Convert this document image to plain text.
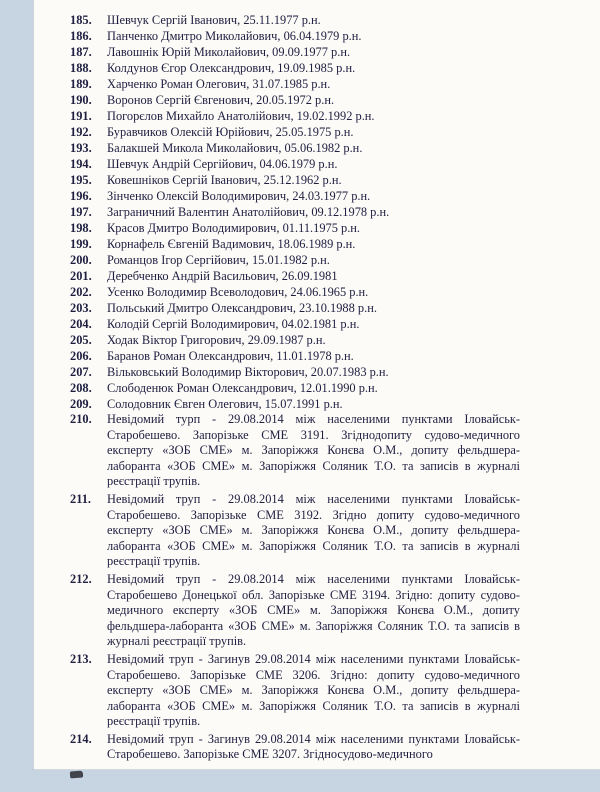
185. Шевчук Сергій Іванович, 25.11.1977 р.н.
186. Панченко Дмитро Миколайович, 06.04.1979 р.н.
187. Лавошнік Юрій Миколайович, 09.09.1977 р.н.
188. Колдунов Єгор Олександрович, 19.09.1985 р.н.
189. Харченко Роман Олегович, 31.07.1985 р.н.
190. Воронов Сергій Євгенович, 20.05.1972 р.н.
191. Погорєлов Михайло Анатолійович, 19.02.1992 р.н.
192. Буравчиков Олексій Юрійович, 25.05.1975 р.н.
193. Балакшей Микола Миколайович, 05.06.1982 р.н.
194. Шевчук Андрій Сергійович, 04.06.1979 р.н.
195. Ковешніков Сергій Іванович, 25.12.1962 р.н.
196. Зінченко Олексій Володимирович, 24.03.1977 р.н.
197. Заграничний Валентин Анатолійович, 09.12.1978 р.н.
198. Красов Дмитро Володимирович, 01.11.1975 р.н.
199. Корнафель Євгеній Вадимович, 18.06.1989 р.н.
200. Романцов Ігор Сергійович, 15.01.1982 р.н.
201. Деребченко Андрій Васильович, 26.09.1981
202. Усенко Володимир Всеволодович, 24.06.1965 р.н.
203. Польський Дмитро Олександрович, 23.10.1988 р.н.
204. Колодій Сергій Володимирович, 04.02.1981 р.н.
205. Ходак Віктор Григорович, 29.09.1987 р.н.
206. Баранов Роман Олександрович, 11.01.1978 р.н.
207. Вільковський Володимир Вікторович, 20.07.1983 р.н.
208. Слободенюк Роман Олександрович, 12.01.1990 р.н.
209. Солодовник Євген Олегович, 15.07.1991 р.н.
210. Невідомий турп - 29.08.2014 між населеними пунктами Іловайськ-Старобешево. Запорізьке СМЕ 3191. Згіднодопиту судово-медичного експерту «ЗОБ СМЕ» м. Запоріжжя Конєва О.М., допиту фельдшера-лаборанта «ЗОБ СМЕ» м. Запоріжжя Соляник Т.О. та записів в журналі реєстрації трупів.
211. Невідомий труп - 29.08.2014 між населеними пунктами Іловайськ-Старобешево. Запорізьке СМЕ 3192. Згідно допиту судово-медичного експерту «ЗОБ СМЕ» м. Запоріжжя Конєва О.М., допиту фельдшера-лаборанта «ЗОБ СМЕ» м. Запоріжжя Соляник Т.О. та записів в журналі реєстрації трупів.
212. Невідомий труп - 29.08.2014 між населеними пунктами Іловайськ-Старобешево Донецької обл. Запорізьке СМЕ 3194. Згідно: допиту судово-медичного експерту «ЗОБ СМЕ» м. Запоріжжя Конєва О.М., допиту фельдшера-лаборанта «ЗОБ СМЕ» м. Запоріжжя Соляник Т.О. та записів в журналі реєстрації трупів.
213. Невідомий труп - Загинув 29.08.2014 між населеними пунктами Іловайськ-Старобешево. Запорізьке СМЕ 3206. Згідно: допиту судово-медичного експерту «ЗОБ СМЕ» м. Запоріжжя Конєва О.М., допиту фельдшера-лаборанта «ЗОБ СМЕ» м. Запоріжжя Соляник Т.О. та записів в журналі реєстрації трупів.
214. Невідомий труп - Загинув 29.08.2014 між населеними пунктами Іловайськ-Старобешево. Запорізьке СМЕ 3207. Згідносудово-медичного
